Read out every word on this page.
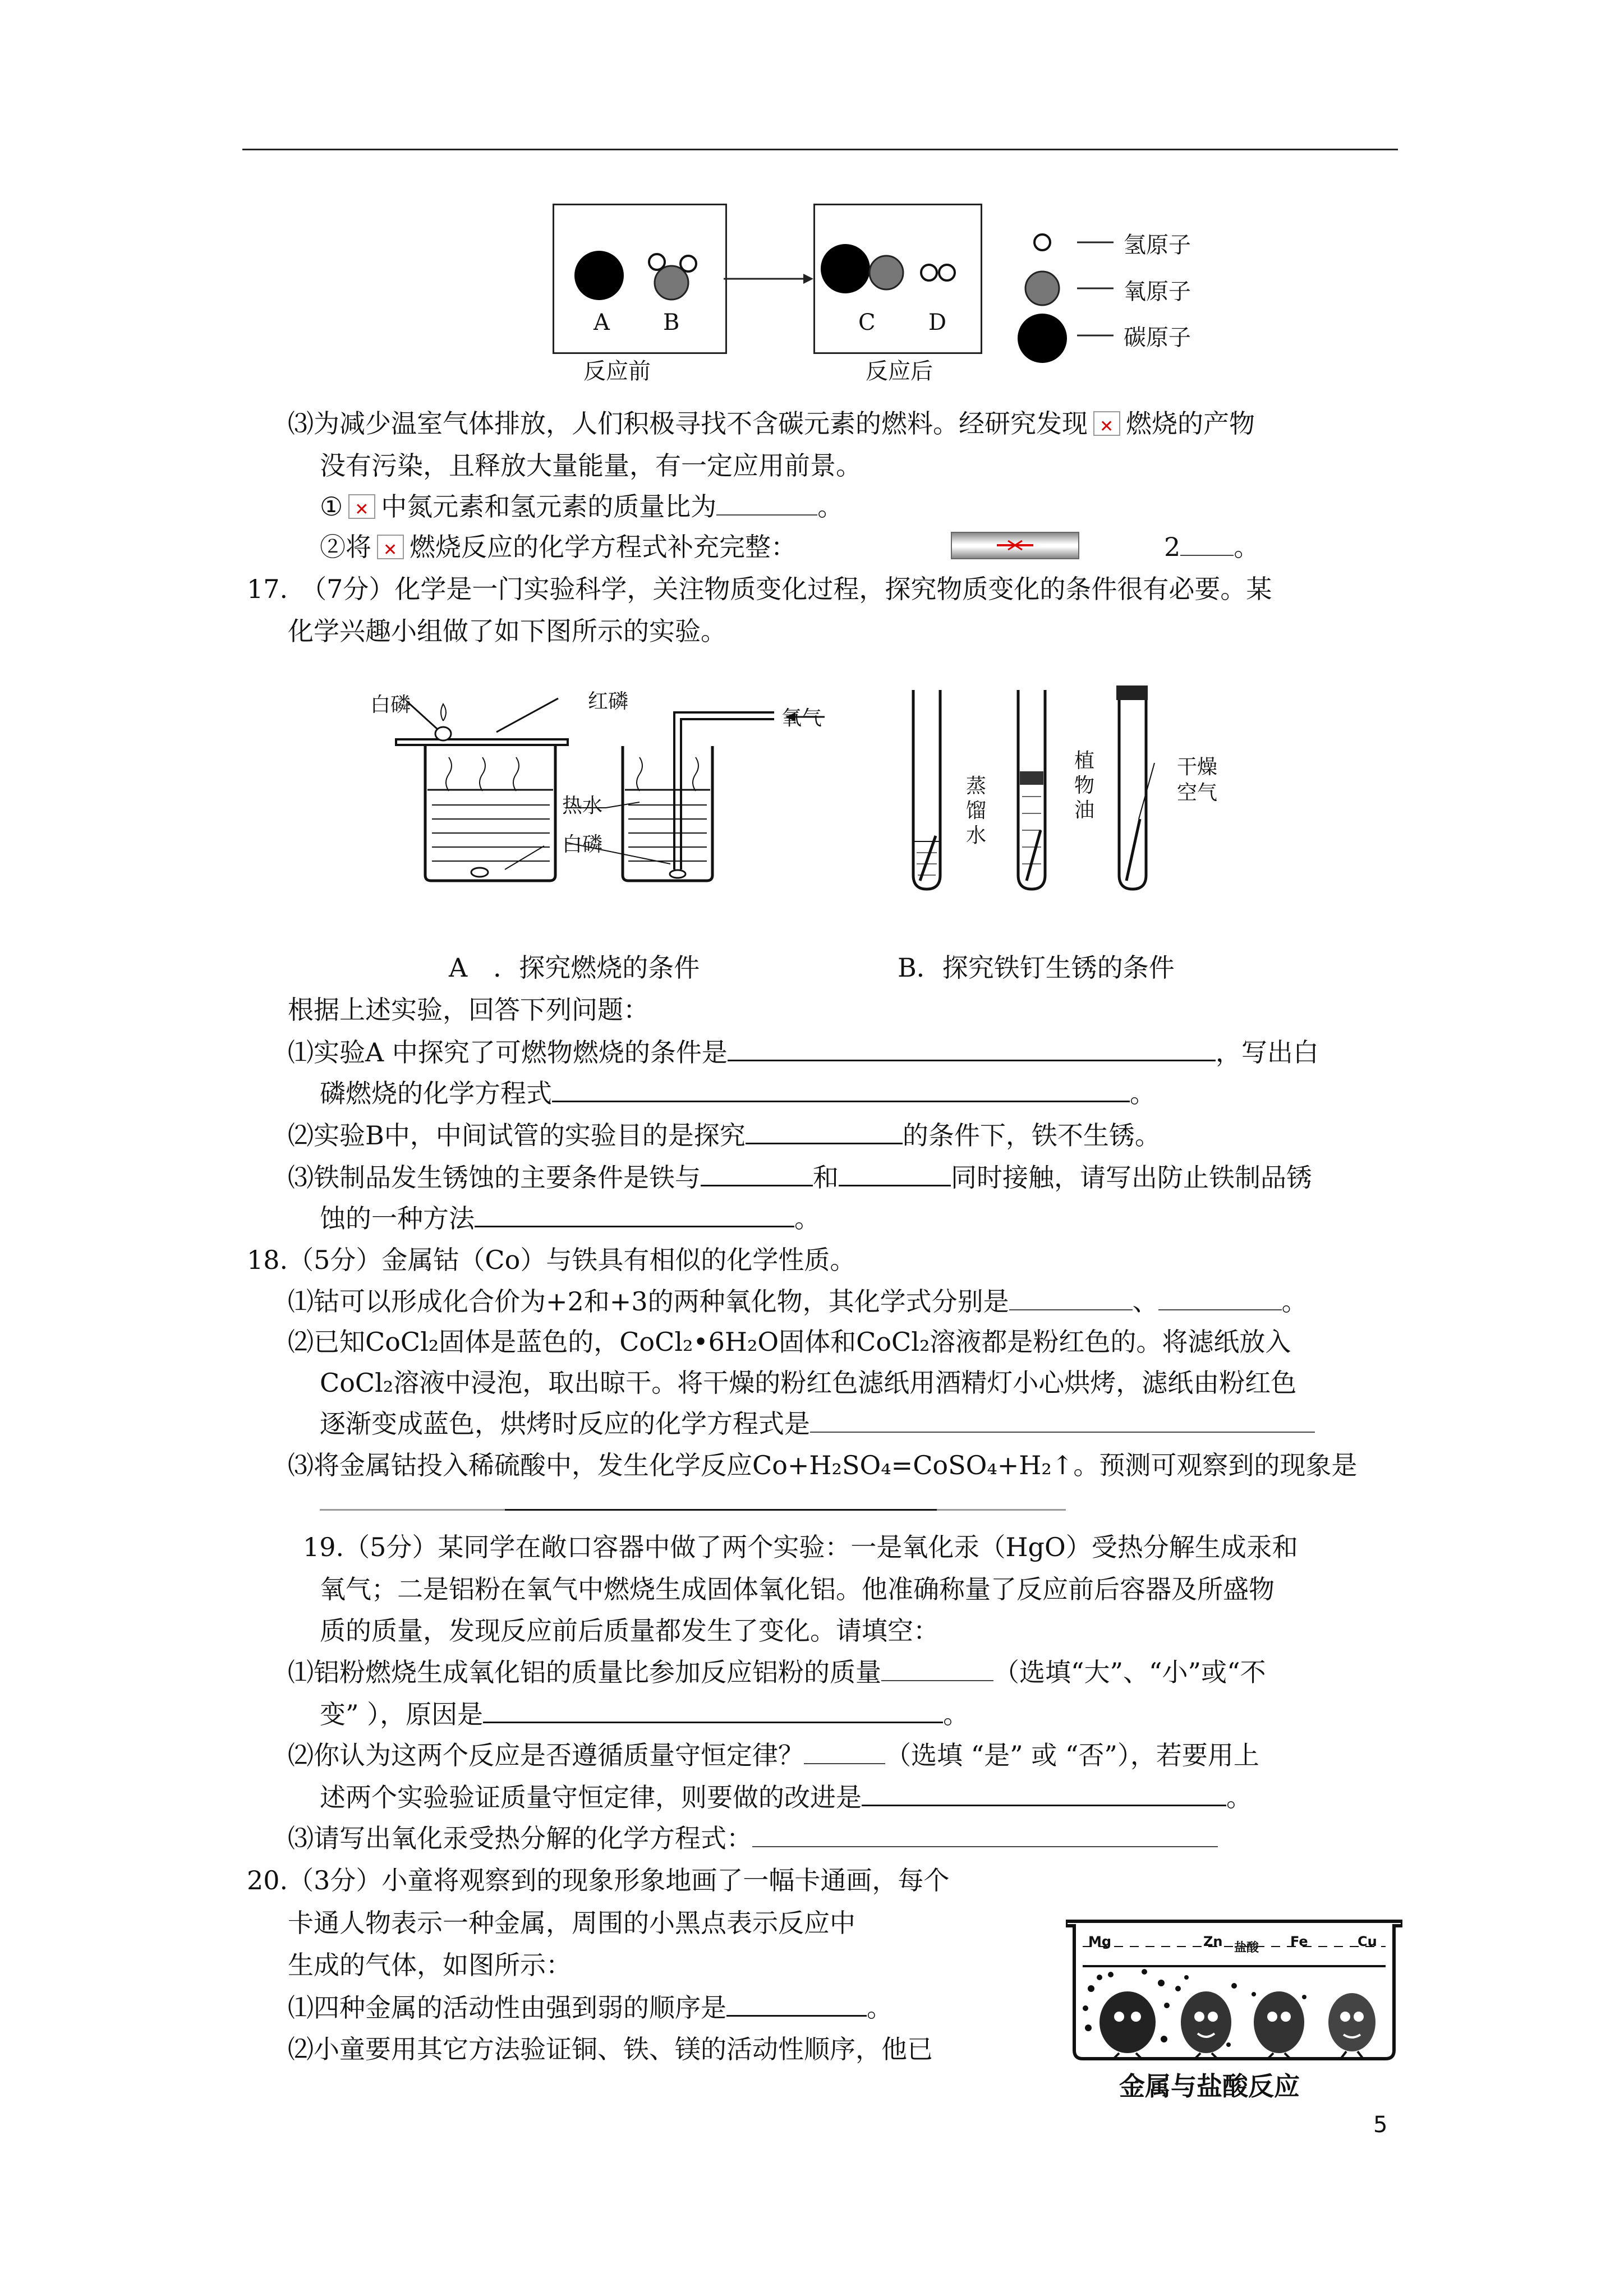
A B	C D
反应前	反应后
氢原子
氧原子
碳原子
⑶为减少温室气体排放，人们积极寻找不含碳元素的燃料。经研究发现 ✕ 燃烧的产物
没有污染，且释放大量能量，有一定应用前景。
① ✕ 中氮元素和氢元素的质量比为	。
②将 ✕ 燃烧反应的化学方程式补充完整：	2 。
17.　（7分）化学是一门实验科学，关注物质变化过程，探究物质变化的条件很有必要。某
化学兴趣小组做了如下图所示的实验。
白磷	红磷
氧气
热水
白磷
蒸馏水
植物油
干燥空气
A　．探究燃烧的条件	B．探究铁钉生锈的条件
根据上述实验，回答下列问题：
⑴实验A 中探究了可燃物燃烧的条件是	，写出白
磷燃烧的化学方程式	。
⑵实验B中，中间试管的实验目的是探究	的条件下，铁不生锈。
⑶铁制品发生锈蚀的主要条件是铁与	和	同时接触，请写出防止铁制品锈
蚀的一种方法	。
18.（5分）金属钴（Co）与铁具有相似的化学性质。
⑴钴可以形成化合价为+2和+3的两种氧化物，其化学式分别是	、	。
⑵已知CoCl₂固体是蓝色的，CoCl₂•6H₂O固体和CoCl₂溶液都是粉红色的。将滤纸放入
CoCl₂溶液中浸泡，取出晾干。将干燥的粉红色滤纸用酒精灯小心烘烤，滤纸由粉红色
逐渐变成蓝色，烘烤时反应的化学方程式是
⑶将金属钴投入稀硫酸中，发生化学反应Co+H₂SO₄=CoSO₄+H₂↑。预测可观察到的现象是
19.（5分）某同学在敞口容器中做了两个实验：一是氧化汞（HgO）受热分解生成汞和
氧气；二是铝粉在氧气中燃烧生成固体氧化铝。他准确称量了反应前后容器及所盛物
质的质量，发现反应前后质量都发生了变化。请填空：
⑴铝粉燃烧生成氧化铝的质量比参加反应铝粉的质量	（选填“大”、“小”或“不
变” ），原因是	。
⑵你认为这两个反应是否遵循质量守恒定律？	（选填 “是” 或 “否”），若要用上
述两个实验验证质量守恒定律，则要做的改进是	。
⑶请写出氧化汞受热分解的化学方程式：
20.（3分）小童将观察到的现象形象地画了一幅卡通画，每个
卡通人物表示一种金属，周围的小黑点表示反应中
生成的气体，如图所示：
⑴四种金属的活动性由强到弱的顺序是	。
⑵小童要用其它方法验证铜、铁、镁的活动性顺序，他已
Mg	Zn 盐酸 Fe	Cu
金属与盐酸反应
5
